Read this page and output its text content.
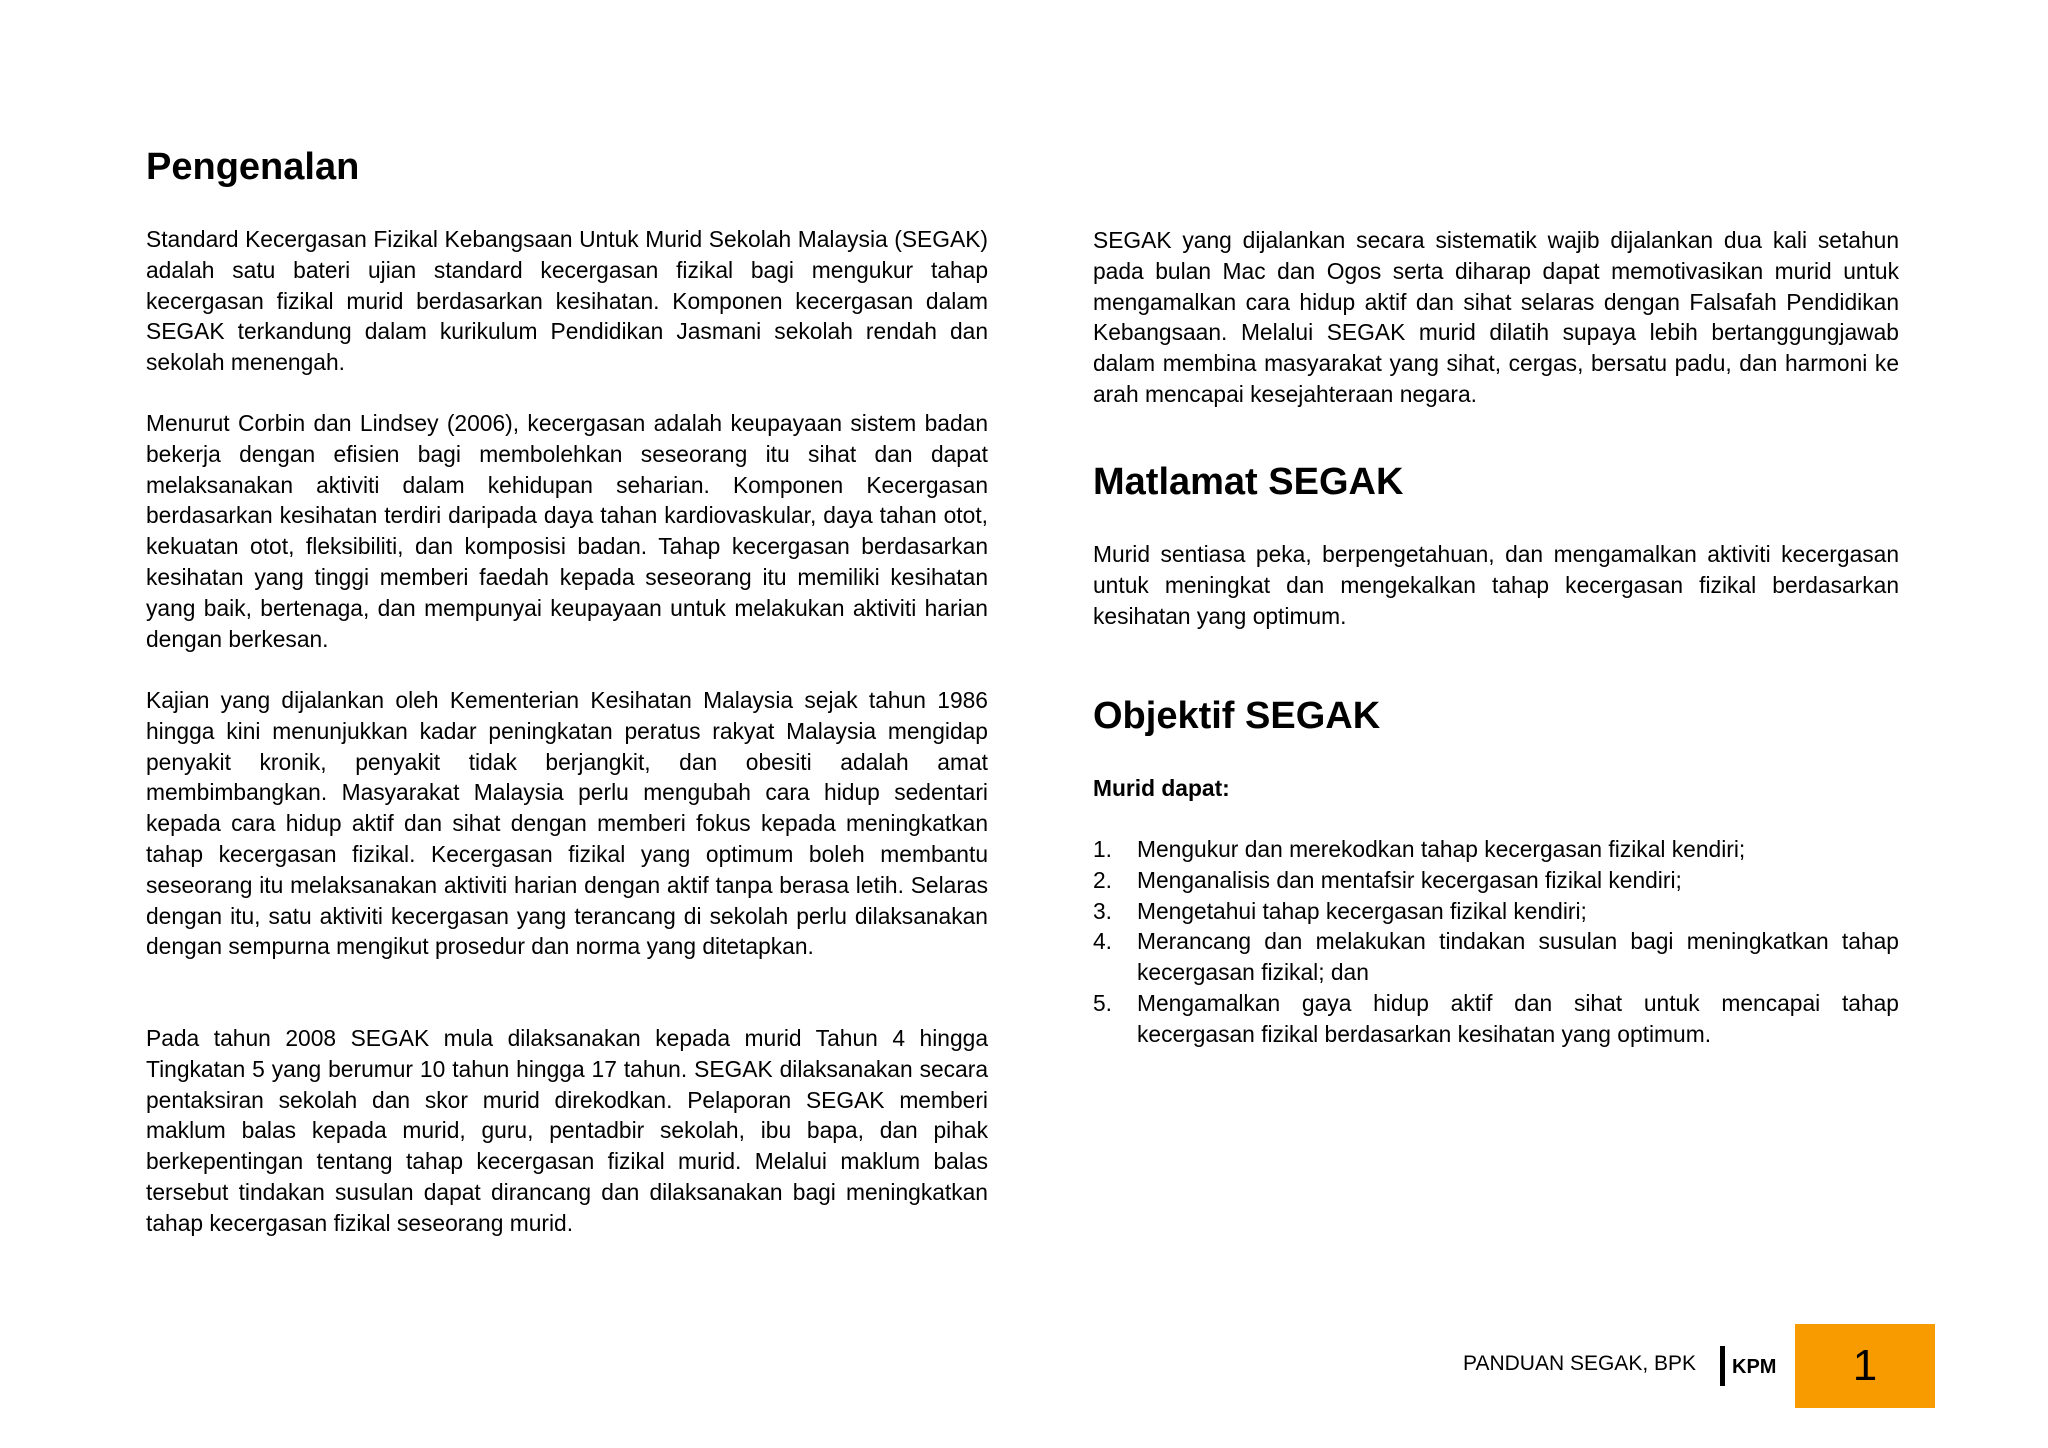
Pengenalan

Standard Kecergasan Fizikal Kebangsaan Untuk Murid Sekolah Malaysia (SEGAK) adalah satu bateri ujian standard kecergasan fizikal bagi mengukur tahap kecergasan fizikal murid berdasarkan kesihatan. Komponen kecergasan dalam SEGAK terkandung dalam kurikulum Pendidikan Jasmani sekolah rendah dan sekolah menengah.

Menurut Corbin dan Lindsey (2006), kecergasan adalah keupayaan sistem badan bekerja dengan efisien bagi membolehkan seseorang itu sihat dan dapat melaksanakan aktiviti dalam kehidupan seharian. Komponen Kecergasan berdasarkan kesihatan terdiri daripada daya tahan kardiovaskular, daya tahan otot, kekuatan otot, fleksibiliti, dan komposisi badan. Tahap kecergasan berdasarkan kesihatan yang tinggi memberi faedah kepada seseorang itu memiliki kesihatan yang baik, bertenaga, dan mempunyai keupayaan untuk melakukan aktiviti harian dengan berkesan.

Kajian yang dijalankan oleh Kementerian Kesihatan Malaysia sejak tahun 1986 hingga kini menunjukkan kadar peningkatan peratus rakyat Malaysia mengidap penyakit kronik, penyakit tidak berjangkit, dan obesiti adalah amat membimbangkan. Masyarakat Malaysia perlu mengubah cara hidup sedentari kepada cara hidup aktif dan sihat dengan memberi fokus kepada meningkatkan tahap kecergasan fizikal. Kecergasan fizikal yang optimum boleh membantu seseorang itu melaksanakan aktiviti harian dengan aktif tanpa berasa letih. Selaras dengan itu, satu aktiviti kecergasan yang terancang di sekolah perlu dilaksanakan dengan sempurna mengikut prosedur dan norma yang ditetapkan.

Pada tahun 2008 SEGAK mula dilaksanakan kepada murid Tahun 4 hingga Tingkatan 5 yang berumur 10 tahun hingga 17 tahun. SEGAK dilaksanakan secara pentaksiran sekolah dan skor murid direkodkan. Pelaporan SEGAK memberi maklum balas kepada murid, guru, pentadbir sekolah, ibu bapa, dan pihak berkepentingan tentang tahap kecergasan fizikal murid. Melalui maklum balas tersebut tindakan susulan dapat dirancang dan dilaksanakan bagi meningkatkan tahap kecergasan fizikal seseorang murid.

SEGAK yang dijalankan secara sistematik wajib dijalankan dua kali setahun pada bulan Mac dan Ogos serta diharap dapat memotivasikan murid untuk mengamalkan cara hidup aktif dan sihat selaras dengan Falsafah Pendidikan Kebangsaan. Melalui SEGAK murid dilatih supaya lebih bertanggungjawab dalam membina masyarakat yang sihat, cergas, bersatu padu, dan harmoni ke arah mencapai kesejahteraan negara.

Matlamat SEGAK

Murid sentiasa peka, berpengetahuan, dan mengamalkan aktiviti kecergasan untuk meningkat dan mengekalkan tahap kecergasan fizikal berdasarkan kesihatan yang optimum.

Objektif SEGAK
Murid dapat:
1.	Mengukur dan merekodkan tahap kecergasan fizikal kendiri;
2.	Menganalisis dan mentafsir kecergasan fizikal kendiri;
3.	Mengetahui tahap kecergasan fizikal kendiri;
4.	Merancang dan melakukan tindakan susulan bagi meningkatkan tahap kecergasan fizikal; dan
5.	Mengamalkan gaya hidup aktif dan sihat untuk mencapai tahap kecergasan fizikal berdasarkan kesihatan yang optimum.
PANDUAN SEGAK, BPK KPM 1
